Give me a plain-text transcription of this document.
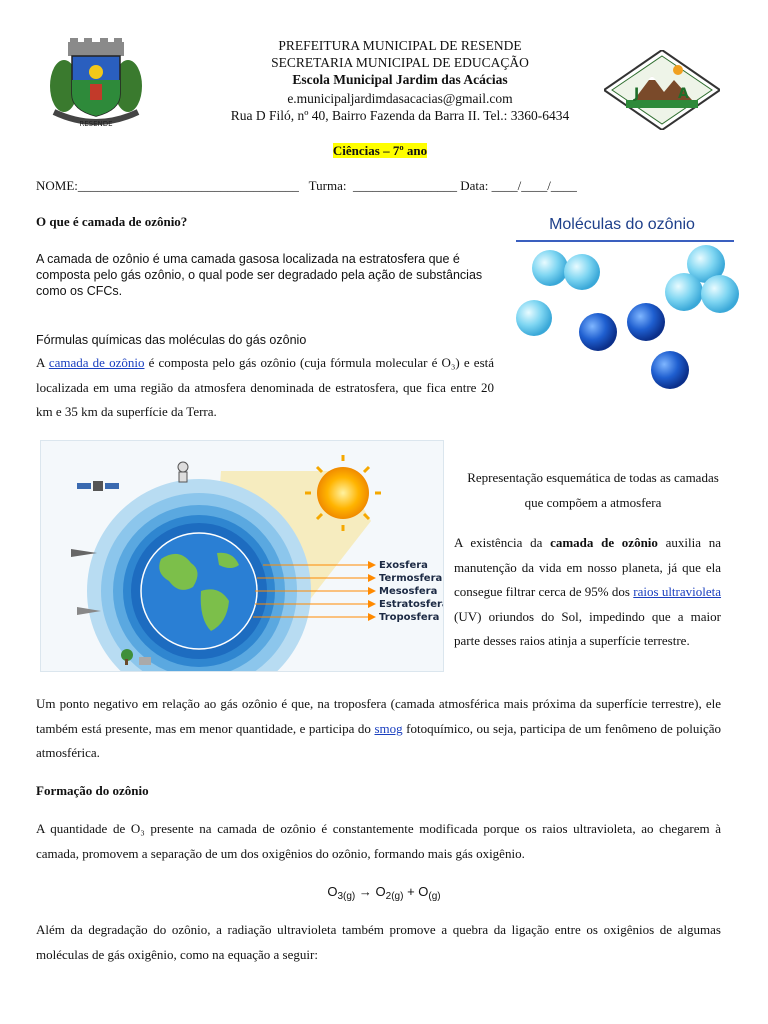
RESENDE
J	A
PREFEITURA MUNICIPAL DE RESENDE
SECRETARIA MUNICIPAL DE EDUCAÇÃO
Escola Municipal Jardim das Acácias
e.municipaljardimdasacacias@gmail.com
Rua D Filó, nº 40, Bairro Fazenda da Barra II. Tel.: 3360-6434
Ciências – 7º ano
NOME:__________________________________ Turma: ________________ Data: ____/____/____
O que é camada de ozônio?
A camada de ozônio é uma camada gasosa localizada na estratosfera que é composta pelo gás ozônio, o qual pode ser degradado pela ação de substâncias como os CFCs.
Fórmulas químicas das moléculas do gás ozônio
A camada de ozônio é composta pelo gás ozônio (cuja fórmula molecular é O₃) e está localizada em uma região da atmosfera denominada de estratosfera, que fica entre 20 km e 35 km da superfície da Terra.
Moléculas do ozônio
Exosfera
Termosfera
Mesosfera
Estratosfera
Troposfera
Representação esquemática de todas as camadas que compõem a atmosfera
A existência da camada de ozônio auxilia na manutenção da vida em nosso planeta, já que ela consegue filtrar cerca de 95% dos raios ultravioleta (UV) oriundos do Sol, impedindo que a maior parte desses raios atinja a superfície terrestre.
Um ponto negativo em relação ao gás ozônio é que, na troposfera (camada atmosférica mais próxima da superfície terrestre), ele também está presente, mas em menor quantidade, e participa do smog fotoquímico, ou seja, participa de um fenômeno de poluição atmosférica.
Formação do ozônio
A quantidade de O₃ presente na camada de ozônio é constantemente modificada porque os raios ultravioleta, ao chegarem à camada, promovem a separação de um dos oxigênios do ozônio, formando mais gás oxigênio.
$O_{3(g)} \to O_{2(g)} + O_{(g)}$
Além da degradação do ozônio, a radiação ultravioleta também promove a quebra da ligação entre os oxigênios de algumas moléculas de gás oxigênio, como na equação a seguir:
